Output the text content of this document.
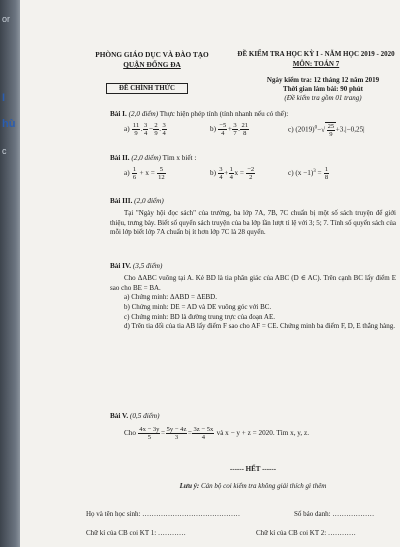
or
I
hù
c
PHÒNG GIÁO DỤC VÀ ĐÀO TẠO
QUẬN ĐỐNG ĐA
ĐỀ KIỂM TRA HỌC KỲ I - NĂM HỌC 2019 - 2020
MÔN: TOÁN 7
ĐỀ CHÍNH THỨC
Ngày kiểm tra: 12 tháng 12 năm 2019
Thời gian làm bài: 90 phút
(Đề kiểm tra gồm 01 trang)
Bài I. (2,0 điểm) Thực hiện phép tính (tính nhanh nếu có thể):
$a) \frac{11}{9}$ . $\frac{3}{4} - \frac{2}{9}$ . $\frac{3}{4}$	$b) \frac{-5}{4} + \frac{3}{7}$ . $\frac{21}{8}$	c) $(2019)^0-√ \frac{25}{9} +3.|-0,25|$
Bài II. (2,0 điểm) Tìm x biết :
$a) \frac{1}{6} + x = \frac{5}{12}$	$b) \frac{3}{4} + \frac{1}{4}$ $x = \frac{-2}{2}$	c) $(x -1)^3 = \frac{1}{8}$
Bài III. (2,0 điểm)
Tại "Ngày hội đọc sách" của trường, ba lớp 7A, 7B, 7C chuẩn bị một số sách truyện để giới thiệu, trưng bày. Biết số quyển sách truyện của ba lớp lần lượt tỉ lệ với 3; 5; 7. Tính số quyển sách của mỗi lớp biết lớp 7A chuẩn bị ít hơn lớp 7C là 28 quyển.
Bài IV. (3,5 điểm)
Cho ΔABC vuông tại A. Kẻ BD là tia phân giác của ABC (D ∈ AC). Trên cạnh BC lấy điểm E sao cho BE = BA.
a) Chứng minh: ΔABD = ΔEBD.
b) Chứng minh: DE = AD và DE vuông góc với BC.
c) Chứng minh: BD là đường trung trực của đoạn AE.
d) Trên tia đối của tia AB lấy điểm F sao cho AF = CE. Chứng minh ba điểm F, D, E thẳng hàng.
Bài V. (0,5 điểm)
Cho $\frac{4x - 3y}{5} = \frac{5y - 4z}{3} = \frac{3z - 5x}{4}$ và x − y + z = 2020. Tìm x, y, z.
------ HẾT ------
Lưu ý: Cán bộ coi kiểm tra không giải thích gì thêm
Họ và tên học sinh: ……………………………………	Số báo danh: ………………
Chữ kí của CB coi KT 1: …………	Chữ kí của CB coi KT 2: …………
